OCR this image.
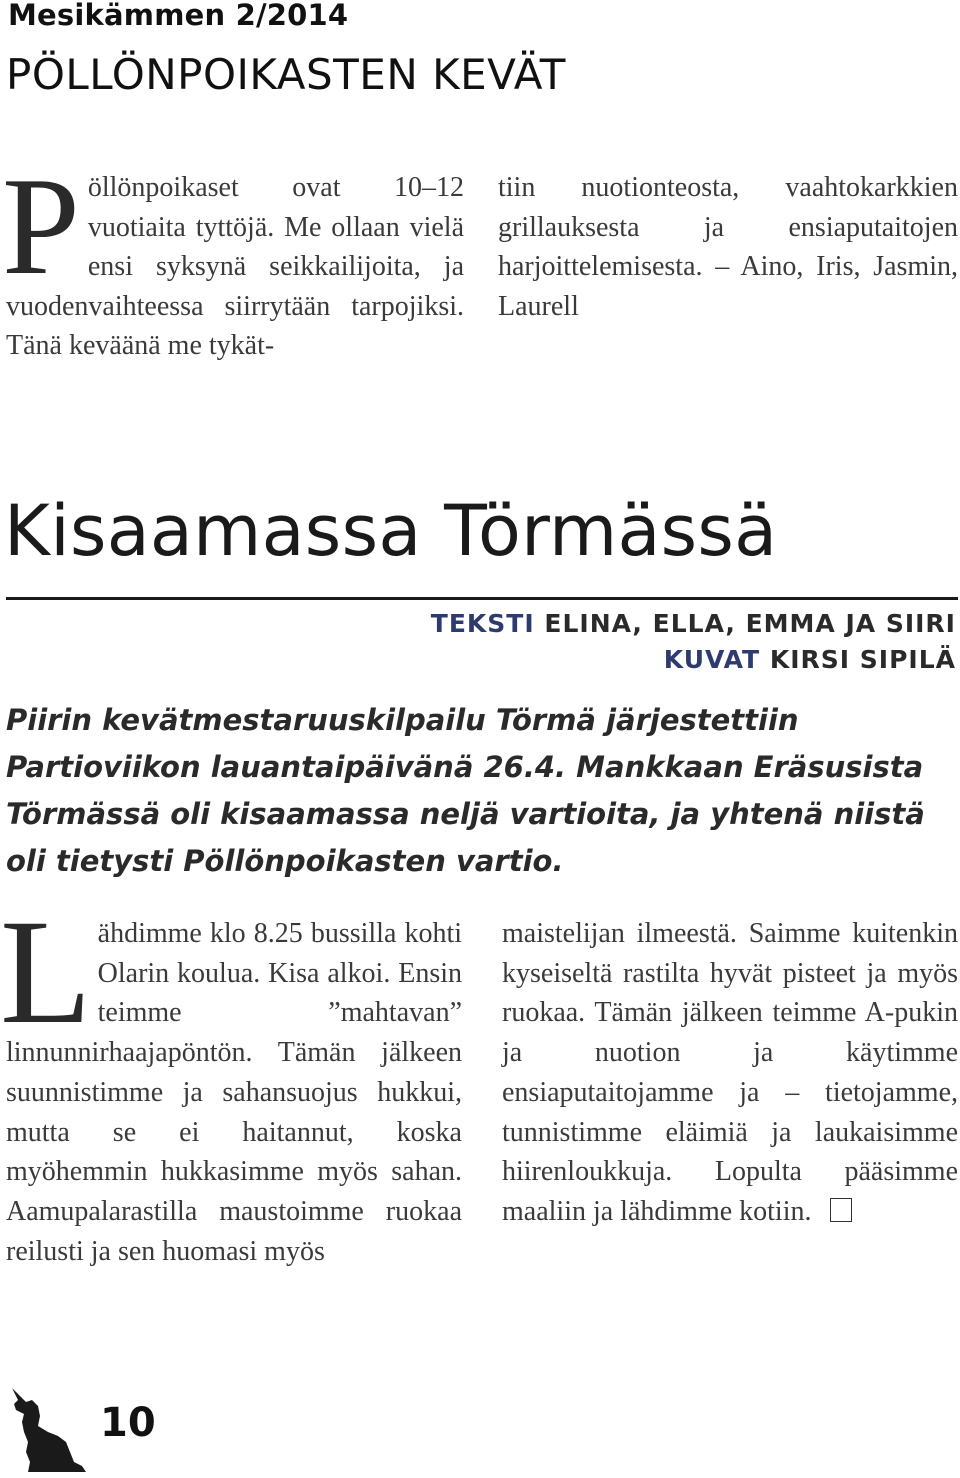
Mesikämmen 2/2014
PÖLLÖNPOIKASTEN KEVÄT
P öllönpoikaset ovat 10–12 vuotiaita tyttöjä. Me ollaan vielä ensi syksynä seikkailijoita, ja vuodenvaihteessa siirrytään tarpojiksi. Tänä keväänä me tykät-
tiin nuotionteosta, vaahtokarkkien grillauksesta ja ensiaputaitojen harjoittelemisesta. – Aino, Iris, Jasmin, Laurell
Kisaamassa Törmässä
TEKSTI ELINA, ELLA, EMMA JA SIIRI
KUVAT KIRSI SIPILÄ
Piirin kevätmestaruuskilpailu Törmä järjestettiin Partioviikon lauantaipäivänä 26.4. Mankkaan Eräsusista Törmässä oli kisaamassa neljä vartioita, ja yhtenä niistä oli tietysti Pöllönpoikasten vartio.
L ähdimme klo 8.25 bussilla kohti Olarin koulua. Kisa alkoi. Ensin teimme ”mahtavan” linnunnirhaajapöntön. Tämän jälkeen suunnistimme ja sahansuojus hukkui, mutta se ei haitannut, koska myöhemmin hukkasimme myös sahan. Aamupalarastilla maustoimme ruokaa reilusti ja sen huomasi myös
maistelijan ilmeestä. Saimme kuitenkin kyseiseltä rastilta hyvät pisteet ja myös ruokaa. Tämän jälkeen teimme A-pukin ja nuotion ja käytimme ensiaputaitojamme ja – tietojamme, tunnistimme eläimiä ja laukaisimme hiirenloukkuja. Lopulta pääsimme maaliin ja lähdimme kotiin.
10
